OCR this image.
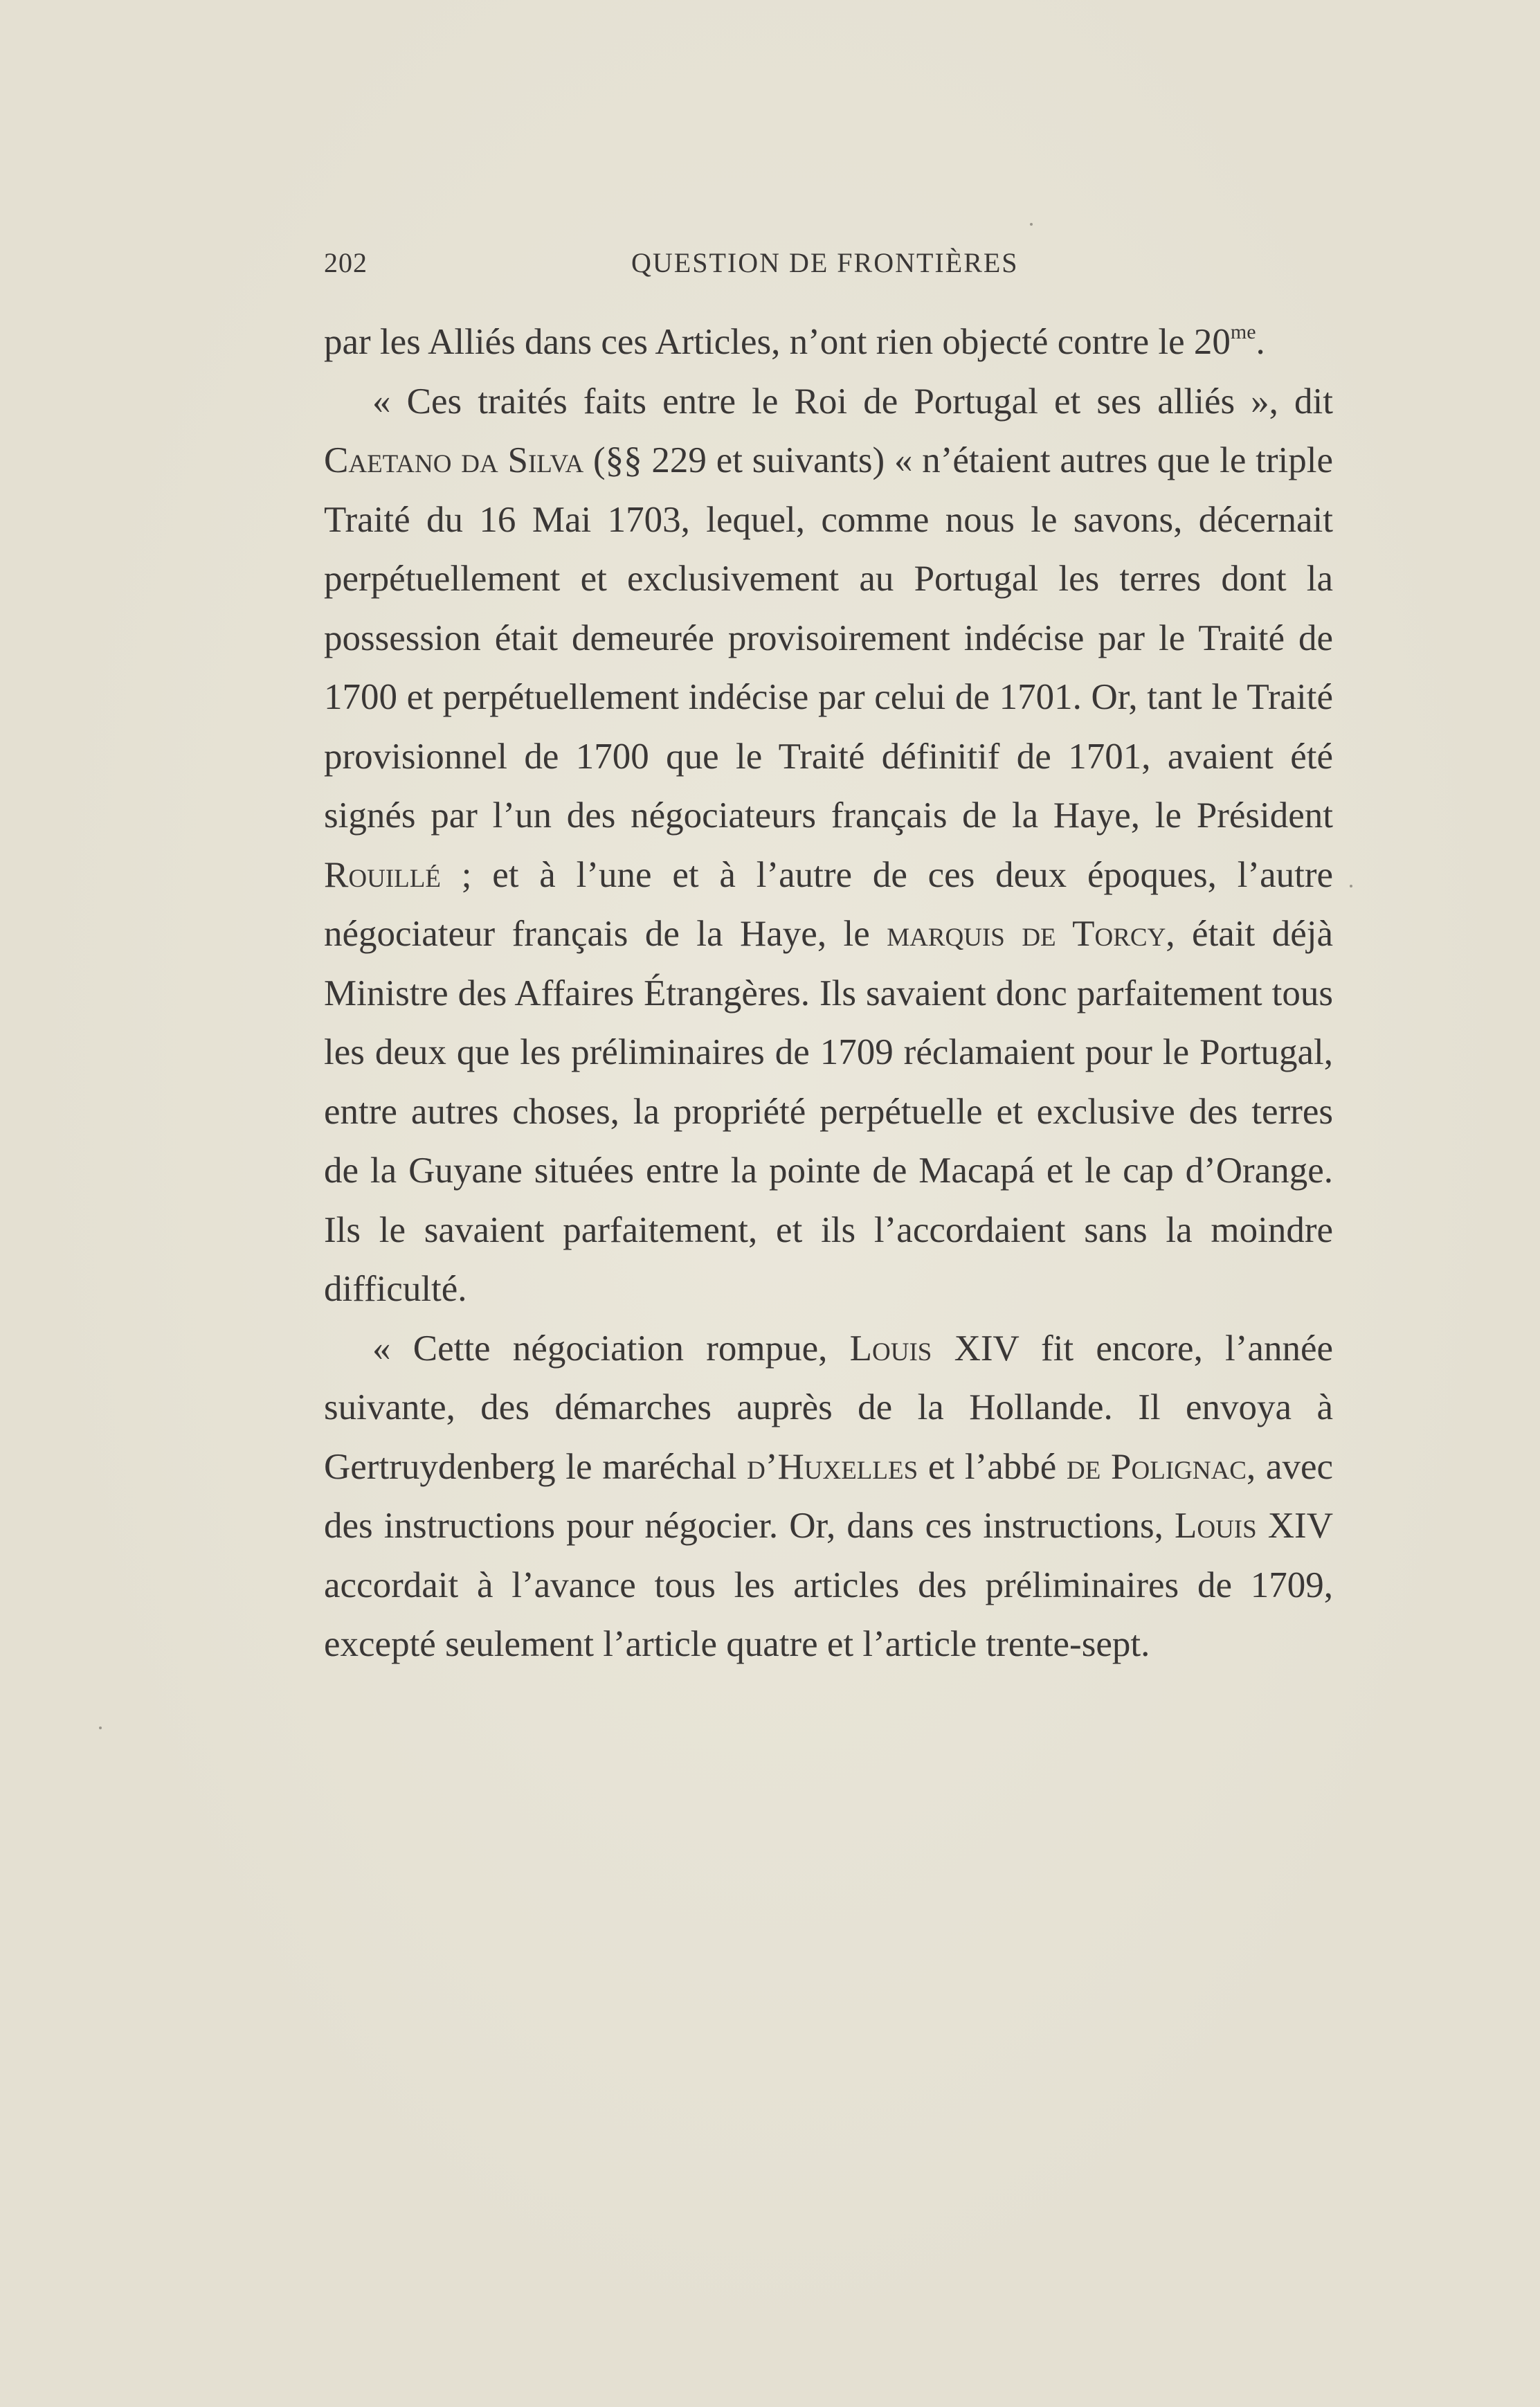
202	QUESTION DE FRONTIÈRES

par les Alliés dans ces Articles, n’ont rien objecté contre le $20^{me}$.

« Ces traités faits entre le Roi de Portugal et ses alliés », dit Caetano da Silva (§§ 229 et suivants) « n’étaient autres que le triple Traité du 16 Mai 1703, lequel, comme nous le savons, décernait perpétuellement et exclusivement au Portugal les terres dont la possession était demeurée provisoirement indécise par le Traité de 1700 et perpétuellement indécise par celui de 1701. Or, tant le Traité provisionnel de 1700 que le Traité définitif de 1701, avaient été signés par l’un des négociateurs français de la Haye, le Président Rouillé ; et à l’une et à l’autre de ces deux époques, l’autre négociateur français de la Haye, le marquis de Torcy, était déjà Ministre des Affaires Étrangères. Ils savaient donc parfaitement tous les deux que les préliminaires de 1709 réclamaient pour le Portugal, entre autres choses, la propriété perpétuelle et exclusive des terres de la Guyane situées entre la pointe de Macapá et le cap d’Orange. Ils le savaient parfaitement, et ils l’accordaient sans la moindre difficulté.

« Cette négociation rompue, Louis XIV fit encore, l’année suivante, des démarches auprès de la Hollande. Il envoya à Gertruydenberg le maréchal d’Huxelles et l’abbé de Polignac, avec des instructions pour négocier. Or, dans ces instructions, Louis XIV accordait à l’avance tous les articles des préliminaires de 1709, excepté seulement l’article quatre et l’article trente-sept.
